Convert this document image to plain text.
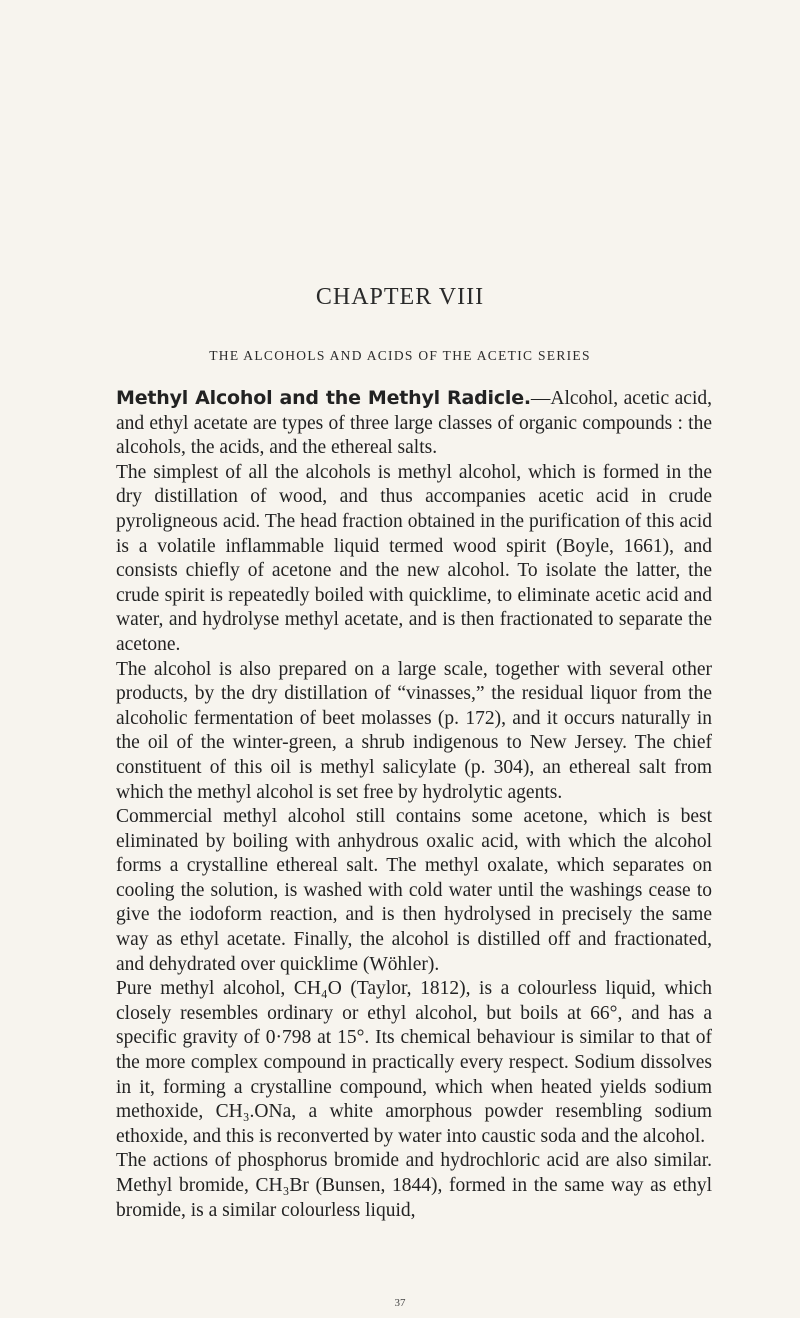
CHAPTER VIII
THE ALCOHOLS AND ACIDS OF THE ACETIC SERIES

Methyl Alcohol and the Methyl Radicle.—Alcohol, acetic acid, and ethyl acetate are types of three large classes of organic compounds : the alcohols, the acids, and the ethereal salts.

The simplest of all the alcohols is methyl alcohol, which is formed in the dry distillation of wood, and thus accompanies acetic acid in crude pyroligneous acid. The head fraction obtained in the purification of this acid is a volatile inflammable liquid termed wood spirit (Boyle, 1661), and consists chiefly of acetone and the new alcohol. To isolate the latter, the crude spirit is repeatedly boiled with quicklime, to eliminate acetic acid and water, and hydrolyse methyl acetate, and is then fractionated to separate the acetone.

The alcohol is also prepared on a large scale, together with several other products, by the dry distillation of “vinasses,” the residual liquor from the alcoholic fermentation of beet molasses (p. 172), and it occurs naturally in the oil of the winter-green, a shrub indigenous to New Jersey. The chief constituent of this oil is methyl salicylate (p. 304), an ethereal salt from which the methyl alcohol is set free by hydrolytic agents.

Commercial methyl alcohol still contains some acetone, which is best eliminated by boiling with anhydrous oxalic acid, with which the alcohol forms a crystalline ethereal salt. The methyl oxalate, which separates on cooling the solution, is washed with cold water until the washings cease to give the iodoform reaction, and is then hydrolysed in precisely the same way as ethyl acetate. Finally, the alcohol is distilled off and fractionated, and dehydrated over quicklime (Wöhler).

Pure methyl alcohol, CH₄O (Taylor, 1812), is a colourless liquid, which closely resembles ordinary or ethyl alcohol, but boils at 66°, and has a specific gravity of 0·798 at 15°. Its chemical behaviour is similar to that of the more complex compound in practically every respect. Sodium dissolves in it, forming a crystalline compound, which when heated yields sodium methoxide, CH₃.ONa, a white amorphous powder resembling sodium ethoxide, and this is reconverted by water into caustic soda and the alcohol.

The actions of phosphorus bromide and hydrochloric acid are also similar. Methyl bromide, CH₃Br (Bunsen, 1844), formed in the same way as ethyl bromide, is a similar colourless liquid,

37
